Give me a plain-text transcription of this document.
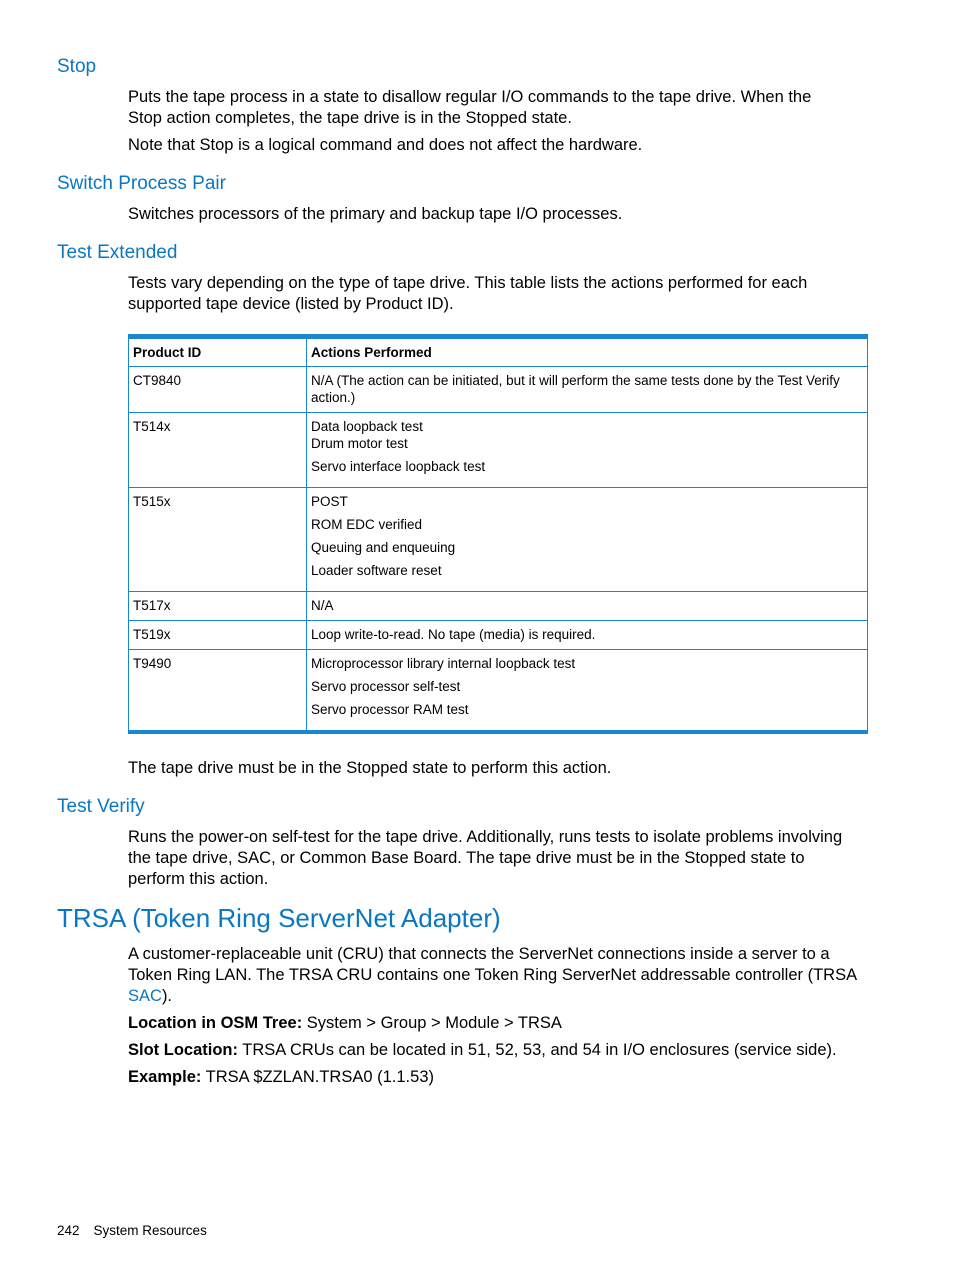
Stop
Puts the tape process in a state to disallow regular I/O commands to the tape drive. When the
Stop action completes, the tape drive is in the Stopped state.
Note that Stop is a logical command and does not affect the hardware.
Switch Process Pair
Switches processors of the primary and backup tape I/O processes.
Test Extended
Tests vary depending on the type of tape drive. This table lists the actions performed for each
supported tape device (listed by Product ID).
Product ID	Actions Performed
CT9840	N/A (The action can be initiated, but it will perform the same tests done by the Test Verify action.)

T514x	Data loopback test
Drum motor test
Servo interface loopback test

T515x	POST
ROM EDC verified
Queuing and enqueuing
Loader software reset

T517x	N/A

T519x	Loop write-to-read. No tape (media) is required.

T9490	Microprocessor library internal loopback test
Servo processor self-test
Servo processor RAM test
The tape drive must be in the Stopped state to perform this action.
Test Verify
Runs the power-on self-test for the tape drive. Additionally, runs tests to isolate problems involving
the tape drive, SAC, or Common Base Board. The tape drive must be in the Stopped state to
perform this action.
TRSA (Token Ring ServerNet Adapter)
A customer-replaceable unit (CRU) that connects the ServerNet connections inside a server to a
Token Ring LAN. The TRSA CRU contains one Token Ring ServerNet addressable controller (TRSA
SAC).
Location in OSM Tree: System > Group > Module > TRSA
Slot Location: TRSA CRUs can be located in 51, 52, 53, and 54 in I/O enclosures (service side).
Example: TRSA $ZZLAN.TRSA0 (1.1.53)
242 System Resources
